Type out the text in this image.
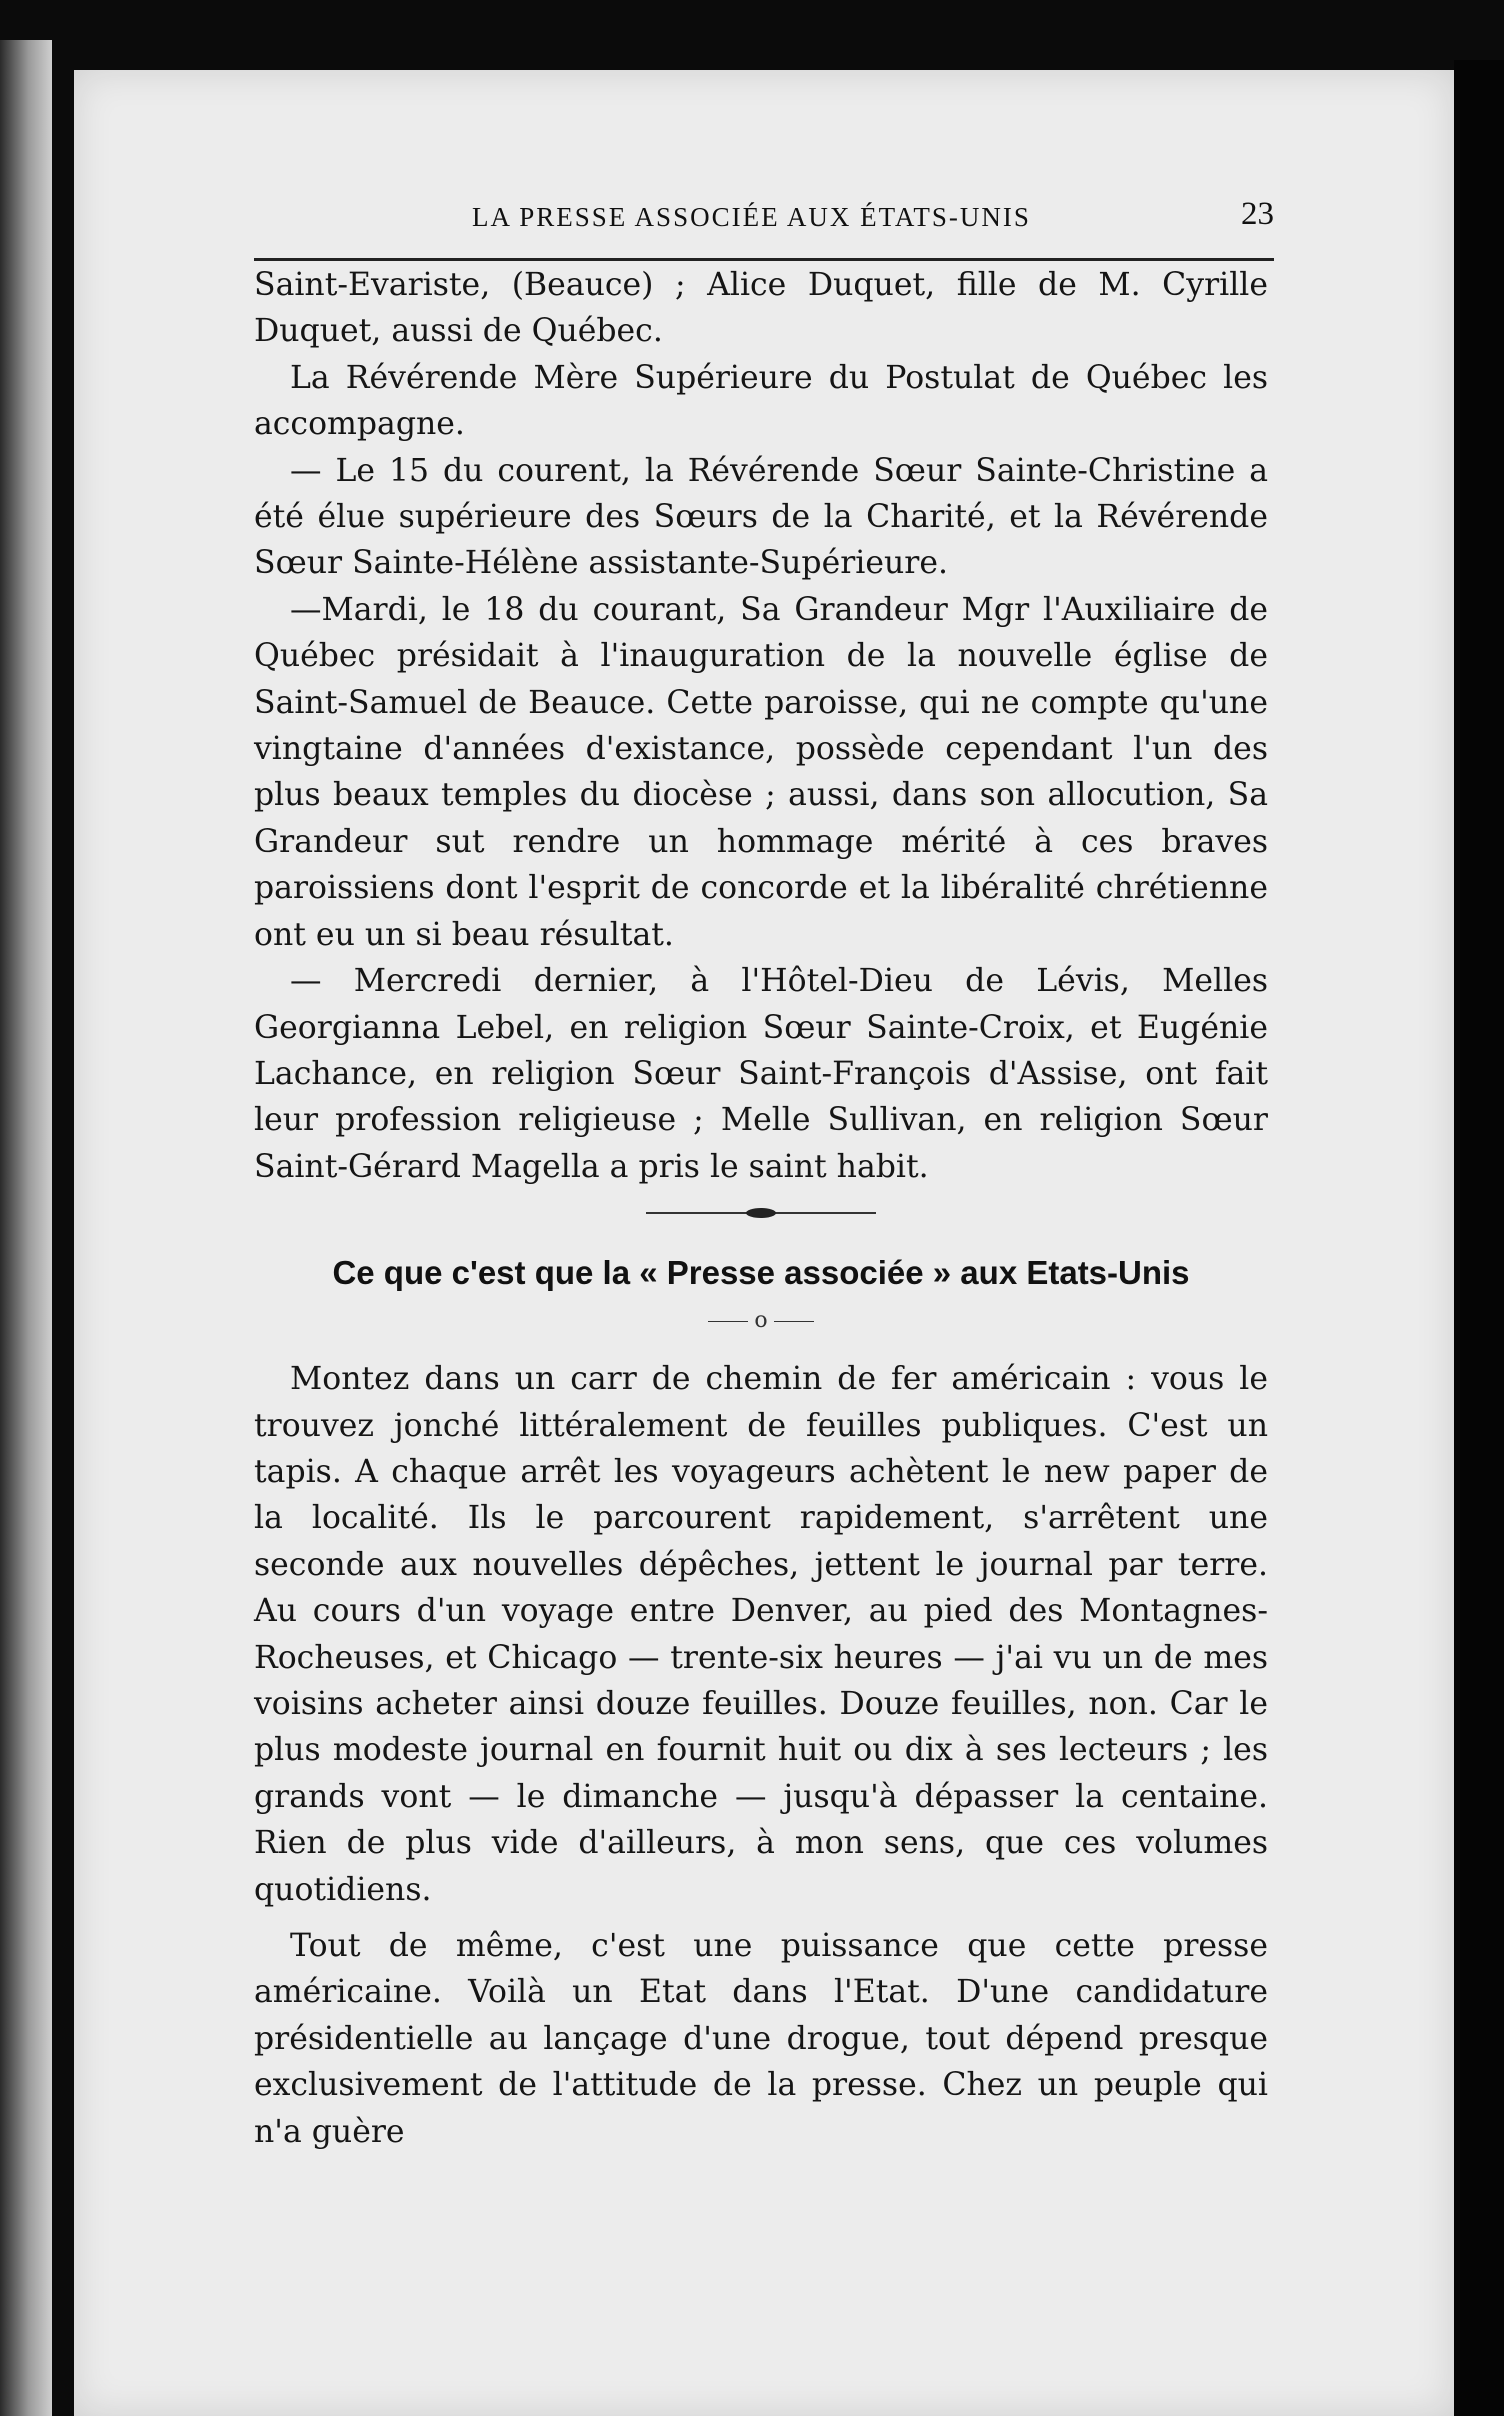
LA PRESSE ASSOCIÉE AUX ÉTATS-UNIS	23

Saint-Evariste, (Beauce) ; Alice Duquet, fille de M. Cyrille Duquet, aussi de Québec.

La Révérende Mère Supérieure du Postulat de Québec les accompagne.

— Le 15 du courent, la Révérende Sœur Sainte-Christine a été élue supérieure des Sœurs de la Charité, et la Révérende Sœur Sainte-Hélène assistante-Supérieure.

—Mardi, le 18 du courant, Sa Grandeur Mgr l'Auxiliaire de Québec présidait à l'inauguration de la nouvelle église de Saint-Samuel de Beauce. Cette paroisse, qui ne compte qu'une vingtaine d'années d'existance, possède cependant l'un des plus beaux temples du diocèse ; aussi, dans son allocution, Sa Grandeur sut rendre un hommage mérité à ces braves paroissiens dont l'esprit de concorde et la libéralité chrétienne ont eu un si beau résultat.

— Mercredi dernier, à l'Hôtel-Dieu de Lévis, Melles Georgianna Lebel, en religion Sœur Sainte-Croix, et Eugénie Lachance, en religion Sœur Saint-François d'Assise, ont fait leur profession religieuse ; Melle Sullivan, en religion Sœur Saint-Gérard Magella a pris le saint habit.

Ce que c'est que la « Presse associée » aux Etats-Unis
o

Montez dans un carr de chemin de fer américain : vous le trouvez jonché littéralement de feuilles publiques. C'est un tapis. A chaque arrêt les voyageurs achètent le new paper de la localité. Ils le parcourent rapidement, s'arrêtent une seconde aux nouvelles dépêches, jettent le journal par terre. Au cours d'un voyage entre Denver, au pied des Montagnes-Rocheuses, et Chicago — trente-six heures — j'ai vu un de mes voisins acheter ainsi douze feuilles. Douze feuilles, non. Car le plus modeste journal en fournit huit ou dix à ses lecteurs ; les grands vont — le dimanche — jusqu'à dépasser la centaine. Rien de plus vide d'ailleurs, à mon sens, que ces volumes quotidiens.

Tout de même, c'est une puissance que cette presse américaine. Voilà un Etat dans l'Etat. D'une candidature présidentielle au lançage d'une drogue, tout dépend presque exclusivement de l'attitude de la presse. Chez un peuple qui n'a guère
